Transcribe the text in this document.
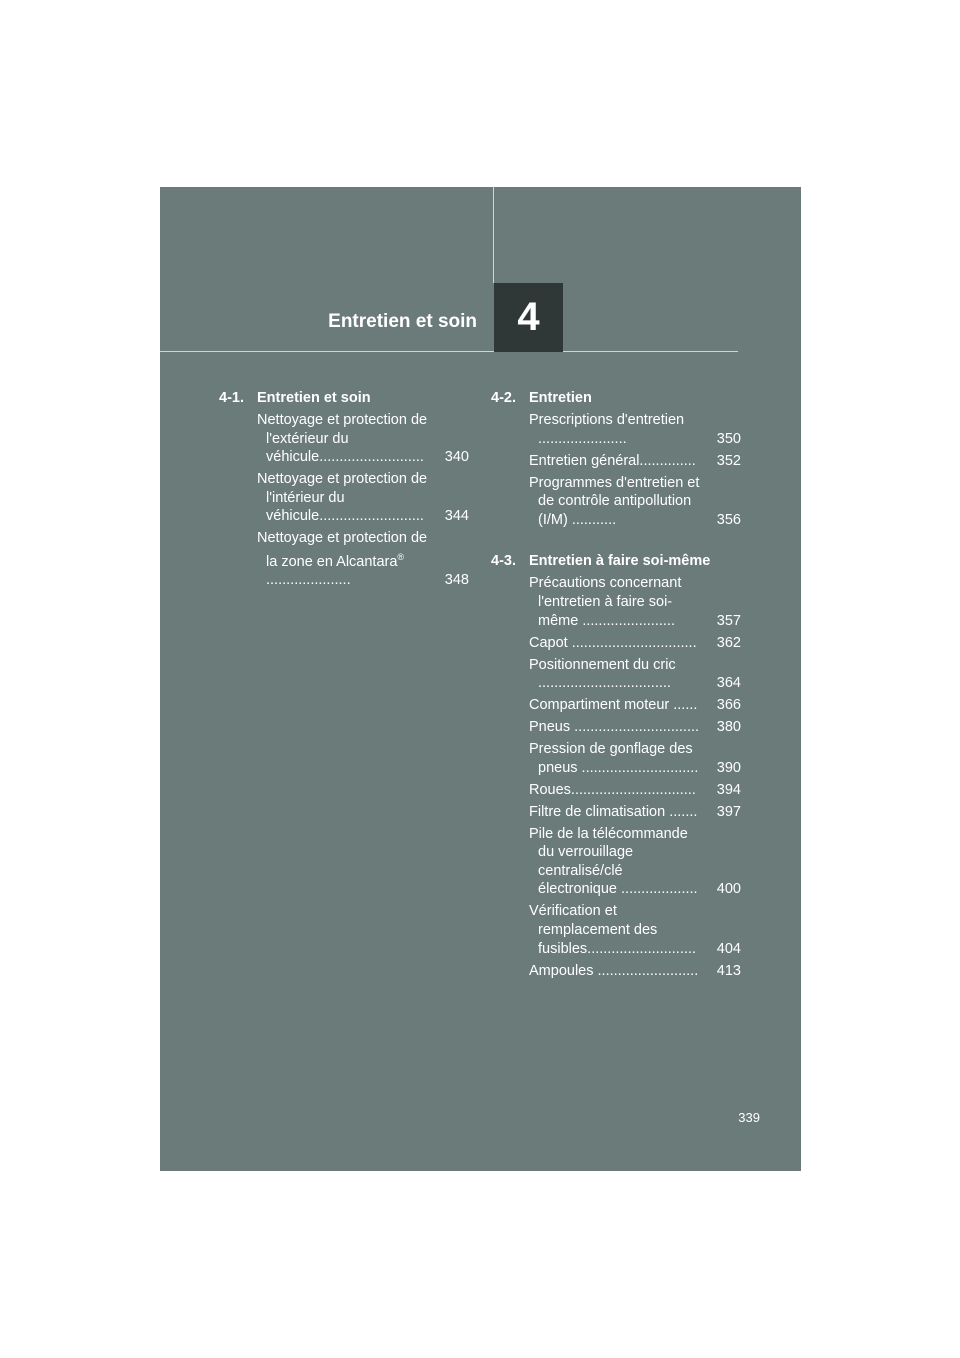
Entretien et soin 4
4-1. Entretien et soin
Nettoyage et protection de l'extérieur du véhicule.......................... 340
Nettoyage et protection de l'intérieur du véhicule.......................... 344
Nettoyage et protection de la zone en Alcantara® .....................	348
4-2. Entretien
Prescriptions d'entretien ......................	350
Entretien général.............. 352
Programmes d'entretien et de contrôle antipollution (I/M) ...........	356
4-3. Entretien à faire soi-même
Précautions concernant l'entretien à faire soi-même .......................	357
Capot ............................... 362
Positionnement du cric .................................	364
Compartiment moteur ...... 366
Pneus ............................... 380
Pression de gonflage des pneus ............................. 390
Roues............................... 394
Filtre de climatisation ....... 397
Pile de la télécommande du verrouillage centralisé/clé électronique ................... 400
Vérification et remplacement des fusibles........................... 404
Ampoules ......................... 413
339
